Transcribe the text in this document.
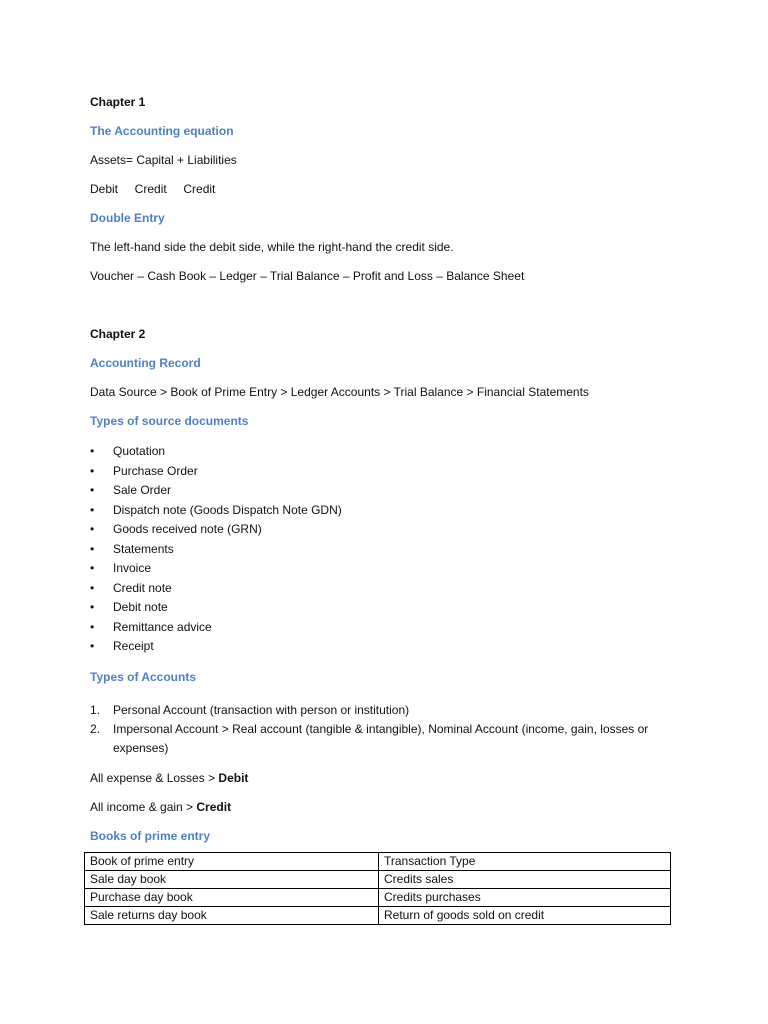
Chapter 1

The Accounting equation

Assets= Capital + Liabilities

Debit     Credit     Credit

Double Entry

The left-hand side the debit side, while the right-hand the credit side.

Voucher – Cash Book – Ledger – Trial Balance – Profit and Loss – Balance Sheet

Chapter 2

Accounting Record

Data Source > Book of Prime Entry > Ledger Accounts > Trial Balance > Financial Statements

Types of source documents

• Quotation
• Purchase Order
• Sale Order
• Dispatch note (Goods Dispatch Note GDN)
• Goods received note (GRN)
• Statements
• Invoice
• Credit note
• Debit note
• Remittance advice
• Receipt

Types of Accounts

1. Personal Account (transaction with person or institution)
2. Impersonal Account > Real account (tangible & intangible), Nominal Account (income, gain, losses or expenses)

All expense & Losses > Debit

All income & gain > Credit

Books of prime entry

Book of prime entry	Transaction Type
Sale day book	Credits sales
Purchase day book	Credits purchases
Sale returns day book	Return of goods sold on credit
